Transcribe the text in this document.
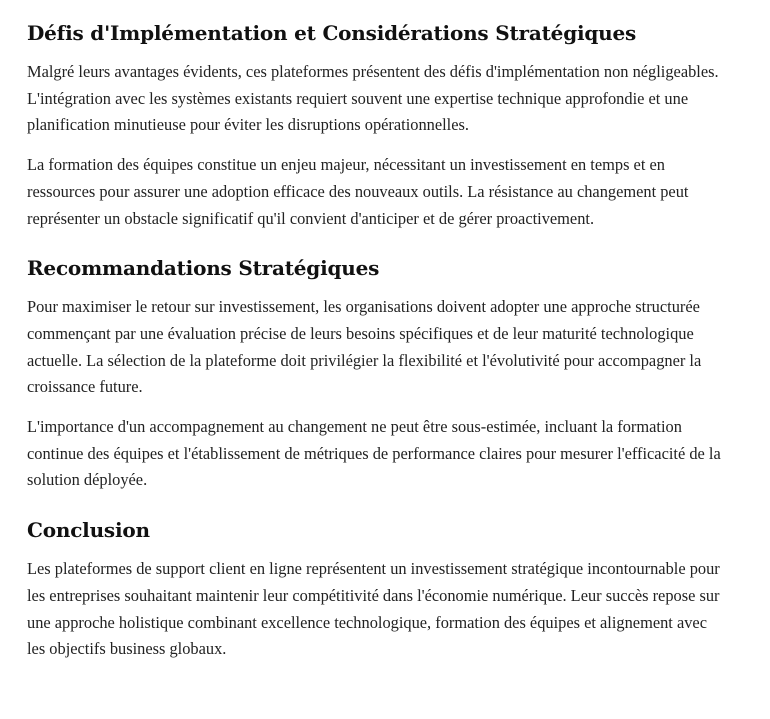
Défis d'Implémentation et Considérations Stratégiques

Malgré leurs avantages évidents, ces plateformes présentent des défis d'implémentation non négligeables. L'intégration avec les systèmes existants requiert souvent une expertise technique approfondie et une planification minutieuse pour éviter les disruptions opérationnelles.

La formation des équipes constitue un enjeu majeur, nécessitant un investissement en temps et en ressources pour assurer une adoption efficace des nouveaux outils. La résistance au changement peut représenter un obstacle significatif qu'il convient d'anticiper et de gérer proactivement.

Recommandations Stratégiques

Pour maximiser le retour sur investissement, les organisations doivent adopter une approche structurée commençant par une évaluation précise de leurs besoins spécifiques et de leur maturité technologique actuelle. La sélection de la plateforme doit privilégier la flexibilité et l'évolutivité pour accompagner la croissance future.

L'importance d'un accompagnement au changement ne peut être sous-estimée, incluant la formation continue des équipes et l'établissement de métriques de performance claires pour mesurer l'efficacité de la solution déployée.

Conclusion

Les plateformes de support client en ligne représentent un investissement stratégique incontournable pour les entreprises souhaitant maintenir leur compétitivité dans l'économie numérique. Leur succès repose sur une approche holistique combinant excellence technologique, formation des équipes et alignement avec les objectifs business globaux.
